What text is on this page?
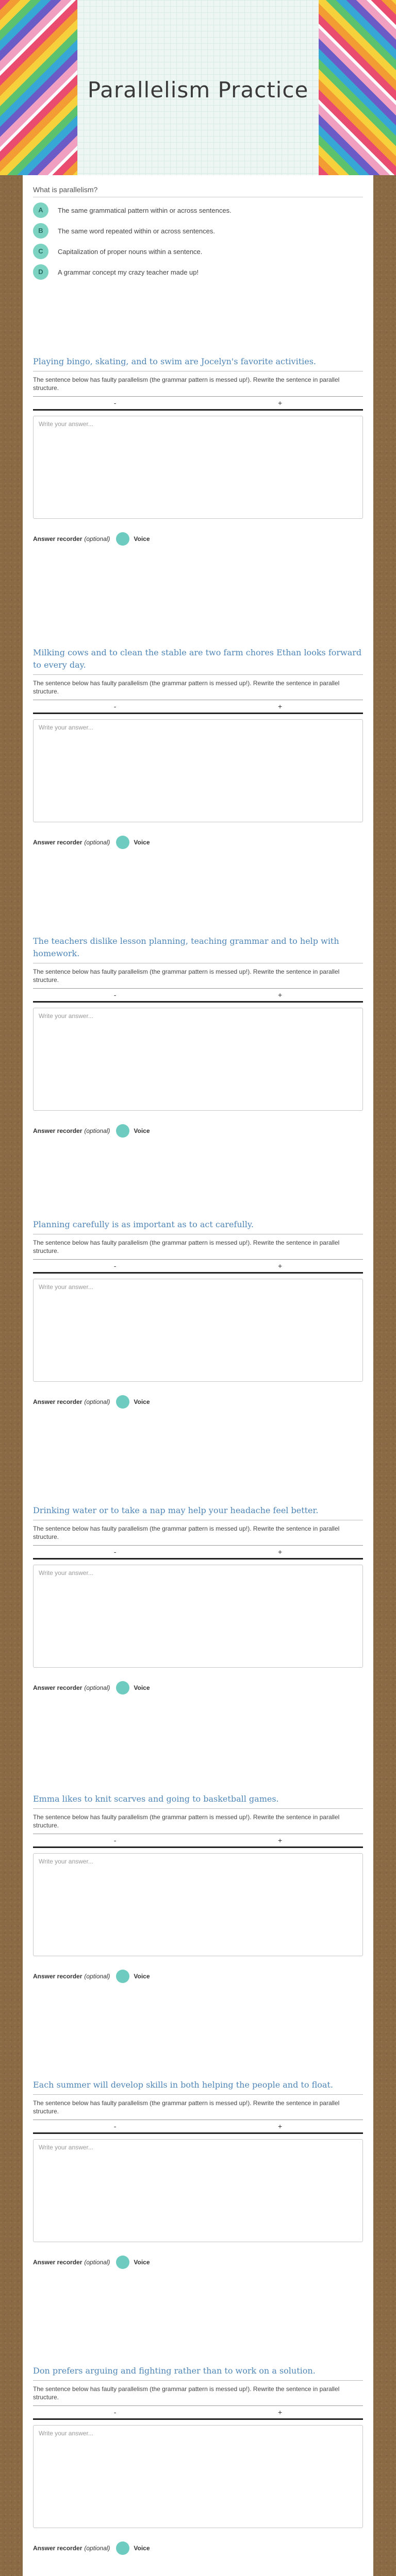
Parallelism Practice
What is parallelism?
A	The same grammatical pattern within or across sentences.
B	The same word repeated within or across sentences.
C	Capitalization of proper nouns within a sentence.
D	A grammar concept my crazy teacher made up!
Playing bingo, skating, and to swim are Jocelyn's favorite activities.
The sentence below has faulty parallelism (the grammar pattern is messed up!). Rewrite the sentence in parallel structure.
-	+
Write your answer...
Answer recorder (optional)	Voice
Milking cows and to clean the stable are two farm chores Ethan looks forward to every day.
The sentence below has faulty parallelism (the grammar pattern is messed up!). Rewrite the sentence in parallel structure.
-	+
Write your answer...
Answer recorder (optional)	Voice
The teachers dislike lesson planning, teaching grammar and to help with homework.
The sentence below has faulty parallelism (the grammar pattern is messed up!). Rewrite the sentence in parallel structure.
-	+
Write your answer...
Answer recorder (optional)	Voice
Planning carefully is as important as to act carefully.
The sentence below has faulty parallelism (the grammar pattern is messed up!). Rewrite the sentence in parallel structure.
-	+
Write your answer...
Answer recorder (optional)	Voice
Drinking water or to take a nap may help your headache feel better.
The sentence below has faulty parallelism (the grammar pattern is messed up!). Rewrite the sentence in parallel structure.
-	+
Write your answer...
Answer recorder (optional)	Voice
Emma likes to knit scarves and going to basketball games.
The sentence below has faulty parallelism (the grammar pattern is messed up!). Rewrite the sentence in parallel structure.
-	+
Write your answer...
Answer recorder (optional)	Voice
Each summer will develop skills in both helping the people and to float.
The sentence below has faulty parallelism (the grammar pattern is messed up!). Rewrite the sentence in parallel structure.
-	+
Write your answer...
Answer recorder (optional)	Voice
Don prefers arguing and fighting rather than to work on a solution.
The sentence below has faulty parallelism (the grammar pattern is messed up!). Rewrite the sentence in parallel structure.
-	+
Write your answer...
Answer recorder (optional)	Voice
